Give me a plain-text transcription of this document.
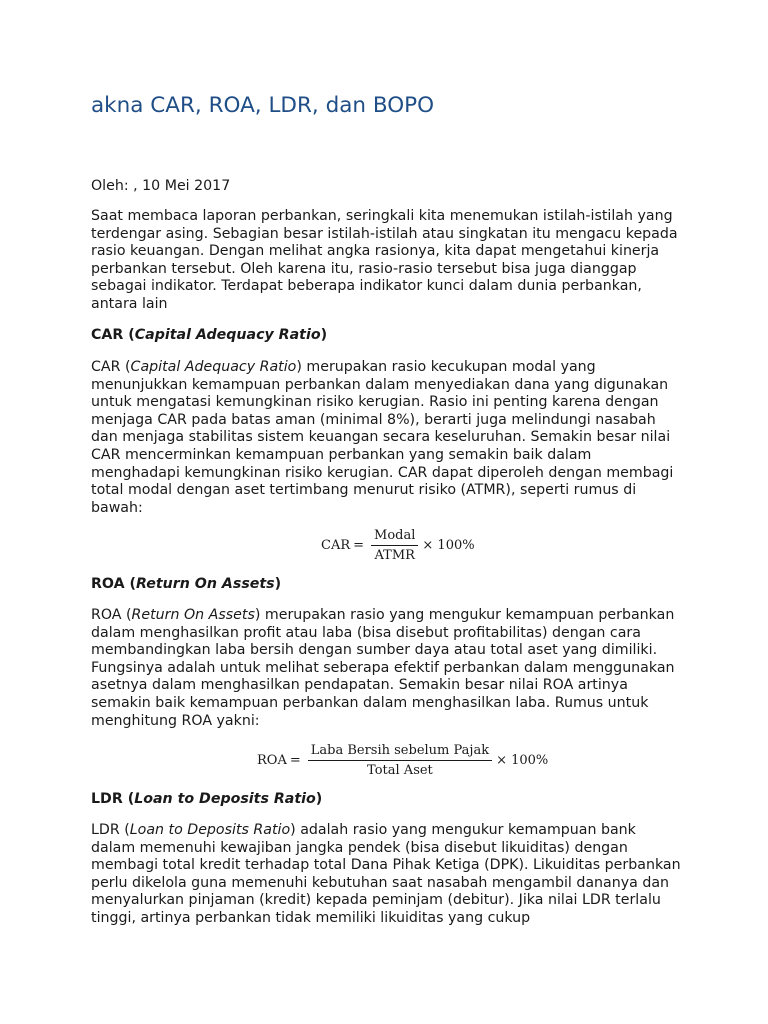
akna CAR, ROA, LDR, dan BOPO

Oleh: , 10 Mei 2017

Saat membaca laporan perbankan, seringkali kita menemukan istilah-istilah yang terdengar asing. Sebagian besar istilah-istilah atau singkatan itu mengacu kepada rasio keuangan. Dengan melihat angka rasionya, kita dapat mengetahui kinerja perbankan tersebut. Oleh karena itu, rasio-rasio tersebut bisa juga dianggap sebagai indikator. Terdapat beberapa indikator kunci dalam dunia perbankan, antara lain

CAR (Capital Adequacy Ratio)

CAR (Capital Adequacy Ratio) merupakan rasio kecukupan modal yang menunjukkan kemampuan perbankan dalam menyediakan dana yang digunakan untuk mengatasi kemungkinan risiko kerugian. Rasio ini penting karena dengan menjaga CAR pada batas aman (minimal 8%), berarti juga melindungi nasabah dan menjaga stabilitas sistem keuangan secara keseluruhan. Semakin besar nilai CAR mencerminkan kemampuan perbankan yang semakin baik dalam menghadapi kemungkinan risiko kerugian. CAR dapat diperoleh dengan membagi total modal dengan aset tertimbang menurut risiko (ATMR), seperti rumus di bawah:

CAR = $\frac{\text{Modal}}{\text{ATMR}} \times 100\%$

ROA (Return On Assets)

ROA (Return On Assets) merupakan rasio yang mengukur kemampuan perbankan dalam menghasilkan profit atau laba (bisa disebut profitabilitas) dengan cara membandingkan laba bersih dengan sumber daya atau total aset yang dimiliki. Fungsinya adalah untuk melihat seberapa efektif perbankan dalam menggunakan asetnya dalam menghasilkan pendapatan. Semakin besar nilai ROA artinya semakin baik kemampuan perbankan dalam menghasilkan laba. Rumus untuk menghitung ROA yakni:

ROA = $\frac{\text{Laba Bersih sebelum Pajak}}{\text{Total Aset}} \times 100\%$

LDR (Loan to Deposits Ratio)

LDR (Loan to Deposits Ratio) adalah rasio yang mengukur kemampuan bank dalam memenuhi kewajiban jangka pendek (bisa disebut likuiditas) dengan membagi total kredit terhadap total Dana Pihak Ketiga (DPK). Likuiditas perbankan perlu dikelola guna memenuhi kebutuhan saat nasabah mengambil dananya dan menyalurkan pinjaman (kredit) kepada peminjam (debitur). Jika nilai LDR terlalu tinggi, artinya perbankan tidak memiliki likuiditas yang cukup
